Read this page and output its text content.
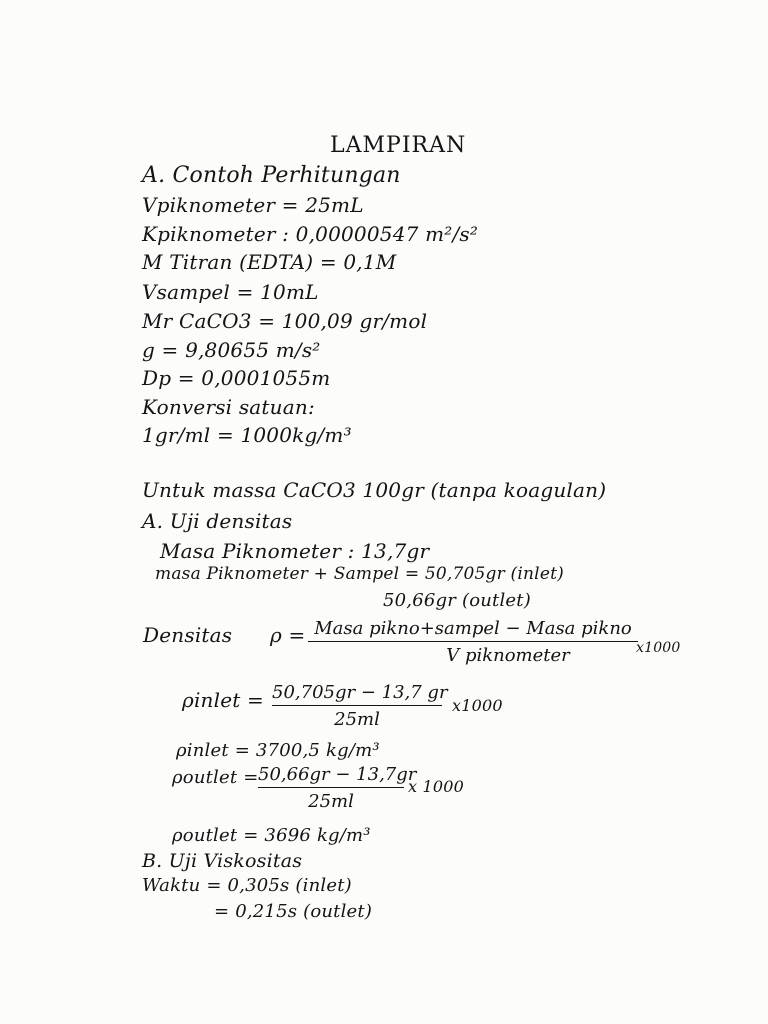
LAMPIRAN
A. Contoh Perhitungan
Vpiknometer = 25mL
Kpiknometer : 0,00000547 m²/s²
M Titran (EDTA) = 0,1M
Vsampel = 10mL
Mr CaCO3 = 100,09 gr/mol
g = 9,80655 m/s²
Dp = 0,0001055m
Konversi satuan:
1gr/ml = 1000kg/m³
Untuk massa CaCO3 100gr (tanpa koagulan)
A. Uji densitas
Masa Piknometer : 13,7gr
masa Piknometer + Sampel = 50,705gr (inlet)
50,66gr (outlet)
Densitas ρ = Masa pikno+sampel − Masa pikno
V piknometer	x1000
ρinlet = 50,705gr − 13,7 gr
25ml
x1000
ρinlet = 3700,5 kg/m³
ρoutlet = 50,66gr − 13,7gr
25ml
x 1000
ρoutlet = 3696 kg/m³
B. Uji Viskositas
Waktu = 0,305s (inlet)
= 0,215s (outlet)
